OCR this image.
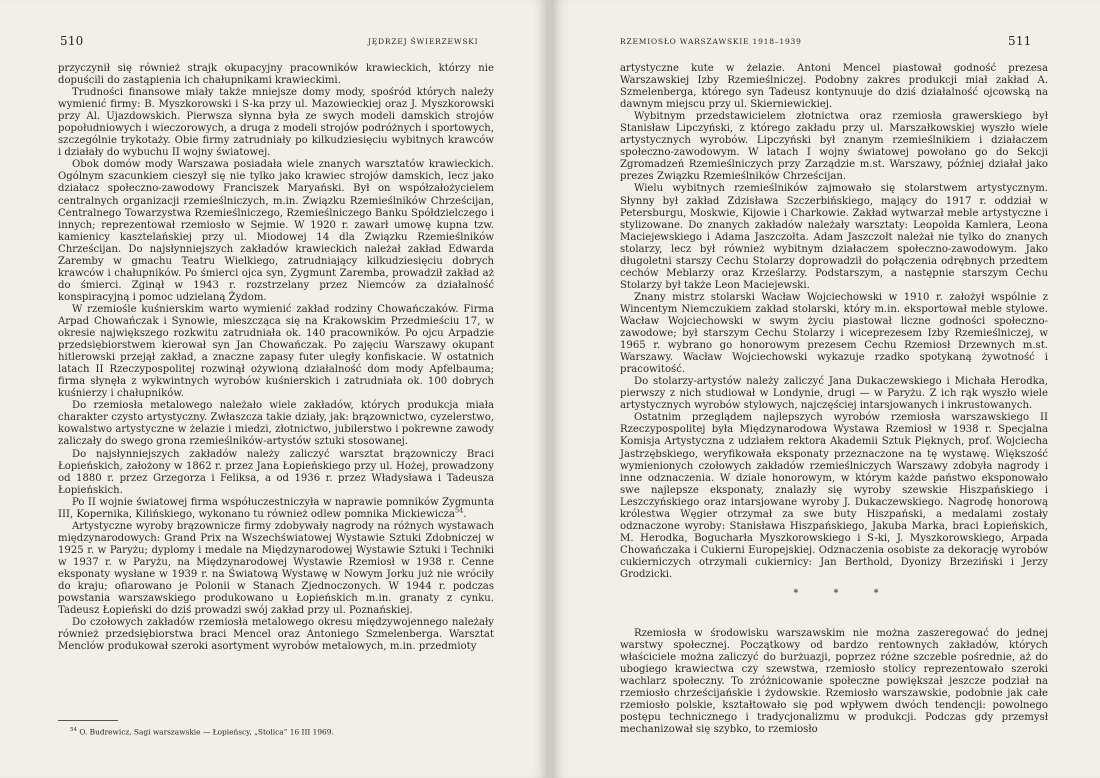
510	JĘDRZEJ ŚWIERZEWSKI

przyczynił się również strajk okupacyjny pracowników krawieckich, którzy nie dopuścili do zastąpienia ich chałupnikami krawieckimi.

Trudności finansowe miały także mniejsze domy mody, spośród których należy wymienić firmy: B. Myszkorowski i S-ka przy ul. Mazowieckiej oraz J. Myszkorowski przy Al. Ujazdowskich. Pierwsza słynna była ze swych modeli damskich strojów popołudniowych i wieczorowych, a druga z modeli strojów podróżnych i sportowych, szczególnie trykotaży. Obie firmy zatrudniały po kilkudziesięciu wybitnych krawców i działały do wybuchu II wojny światowej.

Obok domów mody Warszawa posiadała wiele znanych warsztatów krawieckich. Ogólnym szacunkiem cieszył się nie tylko jako krawiec strojów damskich, lecz jako działacz społeczno-zawodowy Franciszek Maryański. Był on współzałożycielem centralnych organizacji rzemieślniczych, m.in. Związku Rzemieślników Chrześcijan, Centralnego Towarzystwa Rzemieślniczego, Rzemieślniczego Banku Spółdzielczego i innych; reprezentował rzemiosło w Sejmie. W 1920 r. zawarł umowę kupna tzw. kamienicy kasztelańskiej przy ul. Miodowej 14 dla Związku Rzemieślników Chrześcijan. Do najsłynniejszych zakładów krawieckich należał zakład Edwarda Zaremby w gmachu Teatru Wielkiego, zatrudniający kilkudziesięciu dobrych krawców i chałupników. Po śmierci ojca syn, Zygmunt Zaremba, prowadził zakład aż do śmierci. Zginął w 1943 r. rozstrzelany przez Niemców za działalność konspiracyjną i pomoc udzielaną Żydom.

W rzemiośle kuśnierskim warto wymienić zakład rodziny Chowańczaków. Firma Arpad Chowańczak i Synowie, mieszcząca się na Krakowskim Przedmieściu 17, w okresie największego rozkwitu zatrudniała ok. 140 pracowników. Po ojcu Arpadzie przedsiębiorstwem kierował syn Jan Chowańczak. Po zajęciu Warszawy okupant hitlerowski przejął zakład, a znaczne zapasy futer uległy konfiskacie. W ostatnich latach II Rzeczypospolitej rozwinął ożywioną działalność dom mody Apfelbauma; firma słynęła z wykwintnych wyrobów kuśnierskich i zatrudniała ok. 100 dobrych kuśnierzy i chałupników.

Do rzemiosła metalowego należało wiele zakładów, których produkcja miała charakter czysto artystyczny. Zwłaszcza takie działy, jak: brązownictwo, cyzelerstwo, kowalstwo artystyczne w żelazie i miedzi, złotnictwo, jubilerstwo i pokrewne zawody zaliczały do swego grona rzemieślników-artystów sztuki stosowanej.

Do najsłynniejszych zakładów należy zaliczyć warsztat brązowniczy Braci Łopieńskich, założony w 1862 r. przez Jana Łopieńskiego przy ul. Hożej, prowadzony od 1880 r. przez Grzegorza i Feliksa, a od 1936 r. przez Władysława i Tadeusza Łopieńskich.

Po II wojnie światowej firma współuczestniczyła w naprawie pomników Zygmunta III, Kopernika, Kilińskiego, wykonano tu również odlew pomnika Mickiewicza$^{54}$.

Artystyczne wyroby brązownicze firmy zdobywały nagrody na różnych wystawach międzynarodowych: Grand Prix na Wszechświatowej Wystawie Sztuki Zdobniczej w 1925 r. w Paryżu; dyplomy i medale na Międzynarodowej Wystawie Sztuki i Techniki w 1937 r. w Paryżu, na Międzynarodowej Wystawie Rzemiosł w 1938 r. Cenne eksponaty wysłane w 1939 r. na Światową Wystawę w Nowym Jorku już nie wróciły do kraju; ofiarowano je Polonii w Stanach Zjednoczonych. W 1944 r. podczas powstania warszawskiego produkowano u Łopieńskich m.in. granaty z cynku. Tadeusz Łopieński do dziś prowadzi swój zakład przy ul. Poznańskiej.

Do czołowych zakładów rzemiosła metalowego okresu międzywojennego należały również przedsiębiorstwa braci Mencel oraz Antoniego Szmelenberga. Warsztat Menclów produkował szeroki asortyment wyrobów metalowych, m.in. przedmioty

$^{54}$ O. Budrewicz, Sagi warszawskie — Łopieńscy, „Stolica” 16 III 1969.
RZEMIOSŁO WARSZAWSKIE 1918–1939	511

artystyczne kute w żelazie. Antoni Mencel piastował godność prezesa Warszawskiej Izby Rzemieślniczej. Podobny zakres produkcji miał zakład A. Szmelenberga, którego syn Tadeusz kontynuuje do dziś działalność ojcowską na dawnym miejscu przy ul. Skierniewickiej.

Wybitnym przedstawicielem złotnictwa oraz rzemiosła grawerskiego był Stanisław Lipczyński, z którego zakładu przy ul. Marszałkowskiej wyszło wiele artystycznych wyrobów. Lipczyński był znanym rzemieślnikiem i działaczem społeczno-zawodowym. W latach I wojny światowej powołano go do Sekcji Zgromadzeń Rzemieślniczych przy Zarządzie m.st. Warszawy, później działał jako prezes Związku Rzemieślników Chrześcijan.

Wielu wybitnych rzemieślników zajmowało się stolarstwem artystycznym. Słynny był zakład Zdzisława Szczerbińskiego, mający do 1917 r. oddział w Petersburgu, Moskwie, Kijowie i Charkowie. Zakład wytwarzał meble artystyczne i stylizowane. Do znanych zakładów należały warsztaty: Leopolda Kamlera, Leona Maciejewskiego i Adama Jaszczołta. Adam Jaszczołt należał nie tylko do znanych stolarzy, lecz był również wybitnym działaczem społeczno-zawodowym. Jako długoletni starszy Cechu Stolarzy doprowadził do połączenia odrębnych przedtem cechów Meblarzy oraz Krześlarzy. Podstarszym, a następnie starszym Cechu Stolarzy był także Leon Maciejewski.

Znany mistrz stolarski Wacław Wojciechowski w 1910 r. założył wspólnie z Wincentym Niemczukiem zakład stolarski, który m.in. eksportował meble stylowe. Wacław Wojciechowski w swym życiu piastował liczne godności społeczno-zawodowe; był starszym Cechu Stolarzy i wiceprezesem Izby Rzemieślniczej, w 1965 r. wybrano go honorowym prezesem Cechu Rzemiosł Drzewnych m.st. Warszawy. Wacław Wojciechowski wykazuje rzadko spotykaną żywotność i pracowitość.

Do stolarzy-artystów należy zaliczyć Jana Dukaczewskiego i Michała Herodka, pierwszy z nich studiował w Londynie, drugi — w Paryżu. Z ich rąk wyszło wiele artystycznych wyrobów stylowych, najczęściej intarsjowanych i inkrustowanych.

Ostatnim przeglądem najlepszych wyrobów rzemiosła warszawskiego II Rzeczypospolitej była Międzynarodowa Wystawa Rzemiosł w 1938 r. Specjalna Komisja Artystyczna z udziałem rektora Akademii Sztuk Pięknych, prof. Wojciecha Jastrzębskiego, weryfikowała eksponaty przeznaczone na tę wystawę. Większość wymienionych czołowych zakładów rzemieślniczych Warszawy zdobyła nagrody i inne odznaczenia. W dziale honorowym, w którym każde państwo eksponowało swe najlepsze eksponaty, znalazły się wyroby szewskie Hiszpańskiego i Leszczyńskiego oraz intarsjowane wyroby J. Dukaczewskiego. Nagrodę honorową królestwa Węgier otrzymał za swe buty Hiszpański, a medalami zostały odznaczone wyroby: Stanisława Hiszpańskiego, Jakuba Marka, braci Łopieńskich, M. Herodka, Bogucharła Myszkorowskiego i S-ki, J. Myszkorowskiego, Arpada Chowańczaka i Cukierni Europejskiej. Odznaczenia osobiste za dekorację wyrobów cukierniczych otrzymali cukiernicy: Jan Berthold, Dyonizy Brzeziński i Jerzy Grodzicki.

* * *

Rzemiosła w środowisku warszawskim nie można zaszeregować do jednej warstwy społecznej. Początkowy od bardzo rentownych zakładów, których właściciele można zaliczyć do burżuazji, poprzez różne szczeble pośrednie, aż do ubogiego krawiectwa czy szewstwa, rzemiosło stolicy reprezentowało szeroki wachlarz społeczny. To zróżnicowanie społeczne powiększał jeszcze podział na rzemiosło chrześcijańskie i żydowskie. Rzemiosło warszawskie, podobnie jak całe rzemiosło polskie, kształtowało się pod wpływem dwóch tendencji: powolnego postępu technicznego i tradycjonalizmu w produkcji. Podczas gdy przemysł mechanizował się szybko, to rzemiosło
